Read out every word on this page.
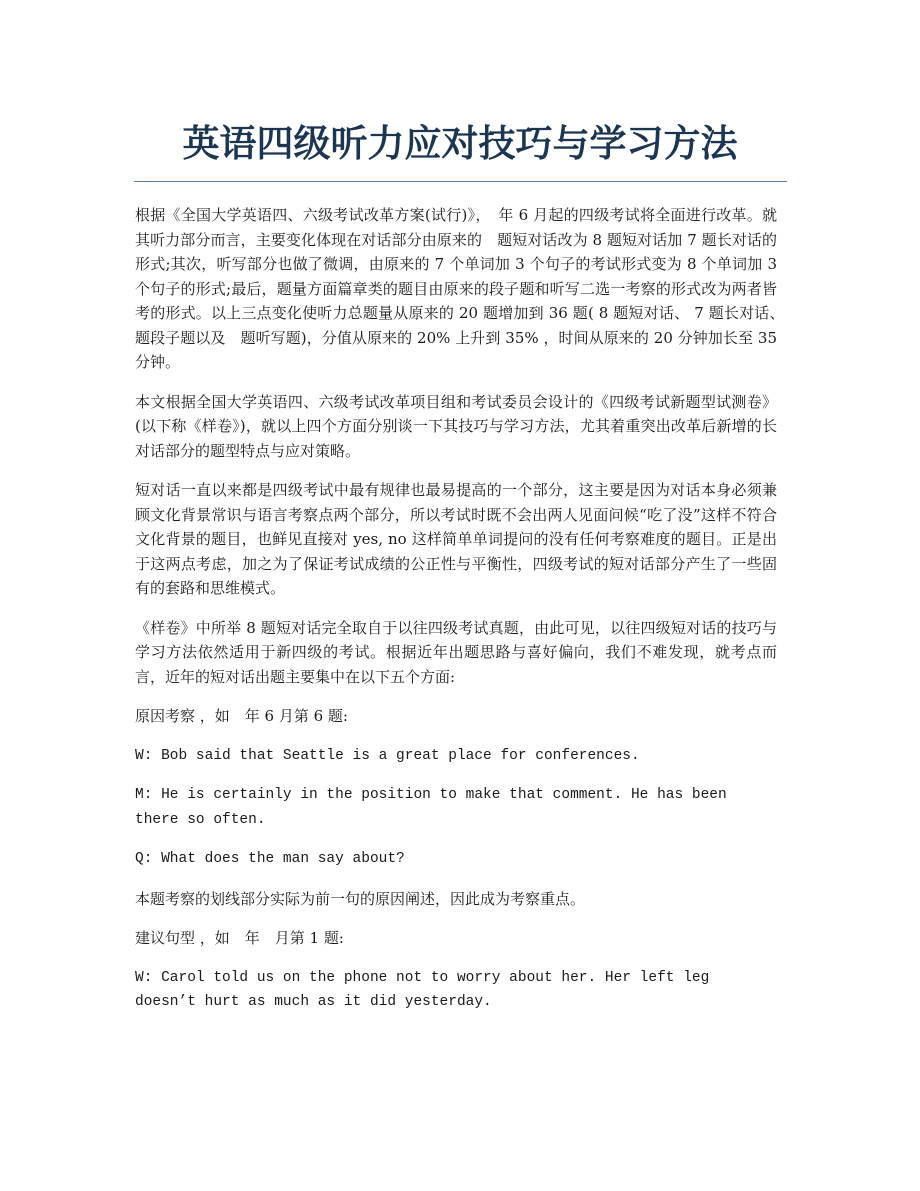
英语四级听力应对技巧与学习方法

根据《全国大学英语四、六级考试改革方案(试行)》，　年 6 月起的四级考试将全面进行改革。就其听力部分而言，主要变化体现在对话部分由原来的　题短对话改为 8 题短对话加 7 题长对话的形式;其次，听写部分也做了微调，由原来的 7 个单词加 3 个句子的考试形式变为 8 个单词加 3 个句子的形式;最后，题量方面篇章类的题目由原来的段子题和听写二选一考察的形式改为两者皆考的形式。以上三点变化使听力总题量从原来的 20 题增加到 36 题( 8 题短对话、 7 题长对话、　题段子题以及　题听写题)，分值从原来的 20% 上升到 35% ，时间从原来的 20 分钟加长至 35 分钟。

本文根据全国大学英语四、六级考试改革项目组和考试委员会设计的《四级考试新题型试测卷》(以下称《样卷》)，就以上四个方面分别谈一下其技巧与学习方法，尤其着重突出改革后新增的长对话部分的题型特点与应对策略。

短对话一直以来都是四级考试中最有规律也最易提高的一个部分，这主要是因为对话本身必须兼顾文化背景常识与语言考察点两个部分，所以考试时既不会出两人见面问候“吃了没”这样不符合文化背景的题目，也鲜见直接对 yes, no 这样简单单词提问的没有任何考察难度的题目。正是出于这两点考虑，加之为了保证考试成绩的公正性与平衡性，四级考试的短对话部分产生了一些固有的套路和思维模式。

《样卷》中所举 8 题短对话完全取自于以往四级考试真题，由此可见，以往四级短对话的技巧与学习方法依然适用于新四级的考试。根据近年出题思路与喜好偏向，我们不难发现，就考点而言，近年的短对话出题主要集中在以下五个方面:

原因考察 ，如　年 6 月第 6 题:

W: Bob said that Seattle is a great place for conferences.

M: He is certainly in the position to make that comment. He has been there so often.

Q: What does the man say about?

本题考察的划线部分实际为前一句的原因阐述，因此成为考察重点。

建议句型 ，如　年　月第 1 题:

W: Carol told us on the phone not to worry about her. Her left leg doesn’t hurt as much as it did yesterday.
